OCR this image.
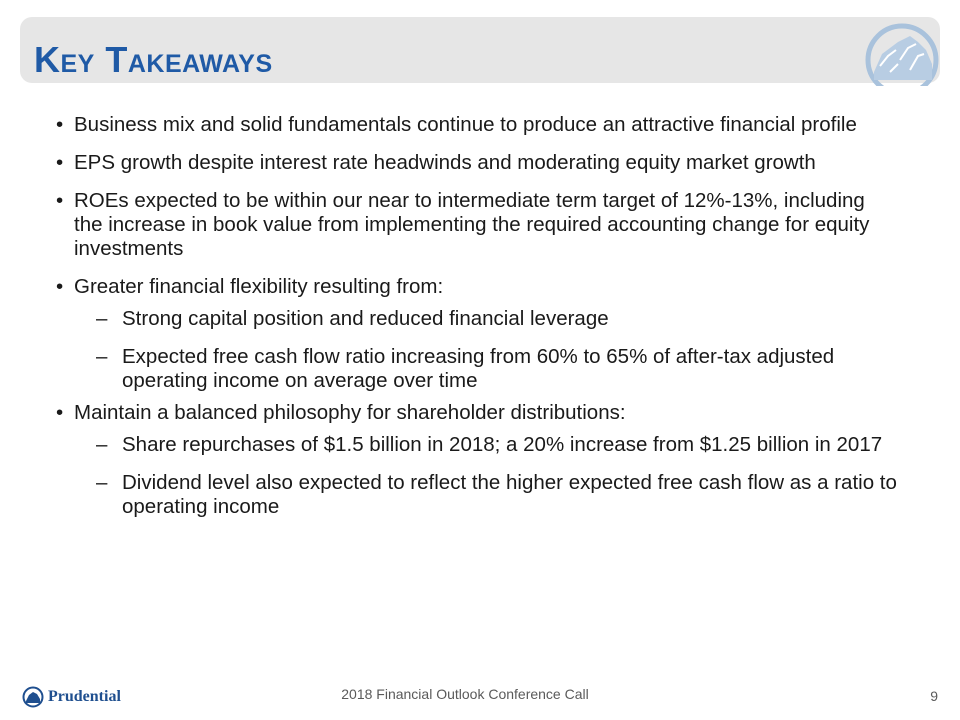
Key Takeaways
• Business mix and solid fundamentals continue to produce an attractive financial profile
• EPS growth despite interest rate headwinds and moderating equity market growth
• ROEs expected to be within our near to intermediate term target of 12%-13%, including the increase in book value from implementing the required accounting change for equity investments
• Greater financial flexibility resulting from:
– Strong capital position and reduced financial leverage
– Expected free cash flow ratio increasing from 60% to 65% of after-tax adjusted operating income on average over time
• Maintain a balanced philosophy for shareholder distributions:
– Share repurchases of $1.5 billion in 2018; a 20% increase from $1.25 billion in 2017
– Dividend level also expected to reflect the higher expected free cash flow as a ratio to operating income
Prudential	2018 Financial Outlook Conference Call	9
